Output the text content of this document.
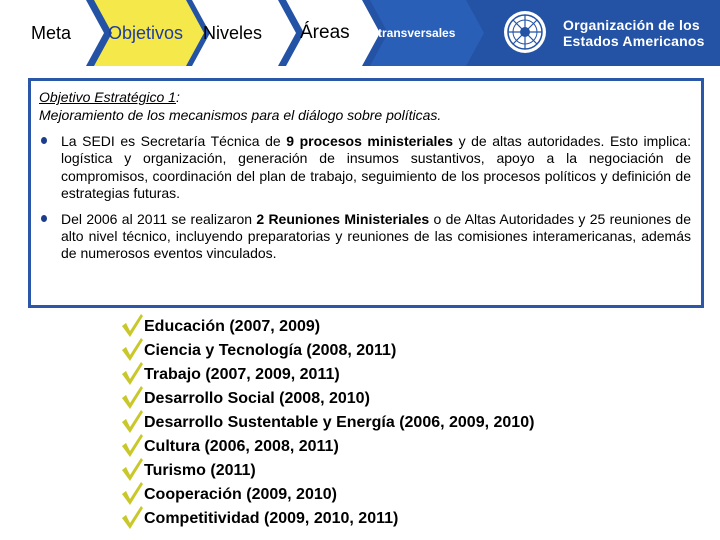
Meta Objetivos Niveles Áreas transversales	Organización de los
Estados Americanos
Objetivo Estratégico 1:
Mejoramiento de los mecanismos para el diálogo sobre políticas.
La SEDI es Secretaría Técnica de 9 procesos ministeriales y de altas autoridades. Esto implica: logística y organización, generación de insumos sustantivos, apoyo a la negociación de compromisos, coordinación del plan de trabajo, seguimiento de los procesos políticos y definición de estrategias futuras.
Del 2006 al 2011 se realizaron 2 Reuniones Ministeriales o de Altas Autoridades y 25 reuniones de alto nivel técnico, incluyendo preparatorias y reuniones de las comisiones interamericanas, además de numerosos eventos vinculados.
Educación (2007, 2009)
Ciencia y Tecnología (2008, 2011)
Trabajo (2007, 2009, 2011)
Desarrollo Social (2008, 2010)
Desarrollo Sustentable y Energía (2006, 2009, 2010)
Cultura (2006, 2008, 2011)
Turismo (2011)
Cooperación (2009, 2010)
Competitividad (2009, 2010, 2011)
